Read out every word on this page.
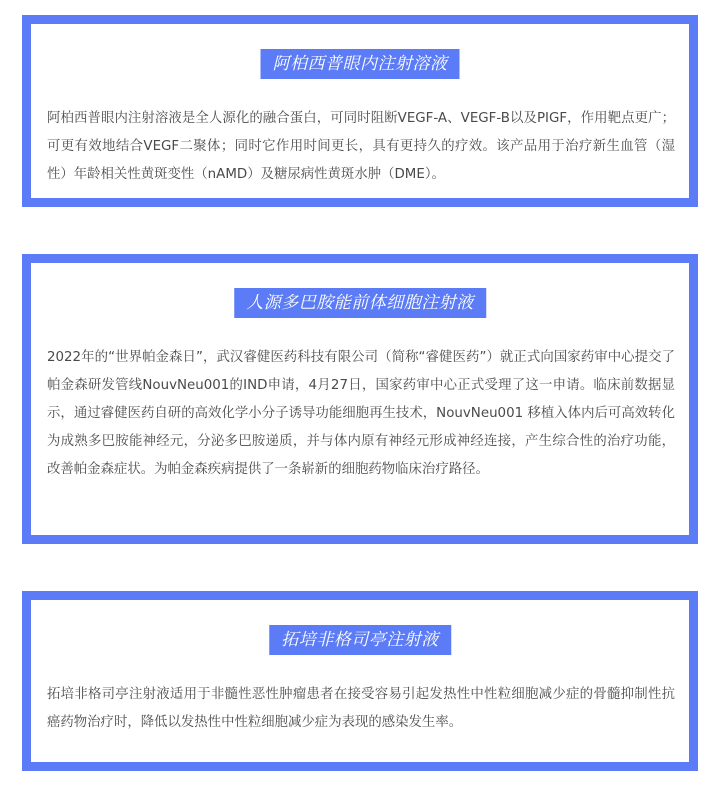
阿柏西普眼内注射溶液

阿柏西普眼内注射溶液是全人源化的融合蛋白，可同时阻断VEGF-A、VEGF-B以及PIGF，作用靶点更广；可更有效地结合VEGF二聚体；同时它作用时间更长，具有更持久的疗效。该产品用于治疗新生血管（湿性）年龄相关性黄斑变性（nAMD）及糖尿病性黄斑水肿（DME）。

人源多巴胺能前体细胞注射液

2022年的“世界帕金森日”，武汉睿健医药科技有限公司（简称“睿健医药”）就正式向国家药审中心提交了帕金森研发管线NouvNeu001的IND申请，4月27日，国家药审中心正式受理了这一申请。临床前数据显示，通过睿健医药自研的高效化学小分子诱导功能细胞再生技术，NouvNeu001 移植入体内后可高效转化为成熟多巴胺能神经元，分泌多巴胺递质，并与体内原有神经元形成神经连接，产生综合性的治疗功能，改善帕金森症状。为帕金森疾病提供了一条崭新的细胞药物临床治疗路径。

拓培非格司亭注射液

拓培非格司亭注射液适用于非髓性恶性肿瘤患者在接受容易引起发热性中性粒细胞减少症的骨髓抑制性抗癌药物治疗时，降低以发热性中性粒细胞减少症为表现的感染发生率。
